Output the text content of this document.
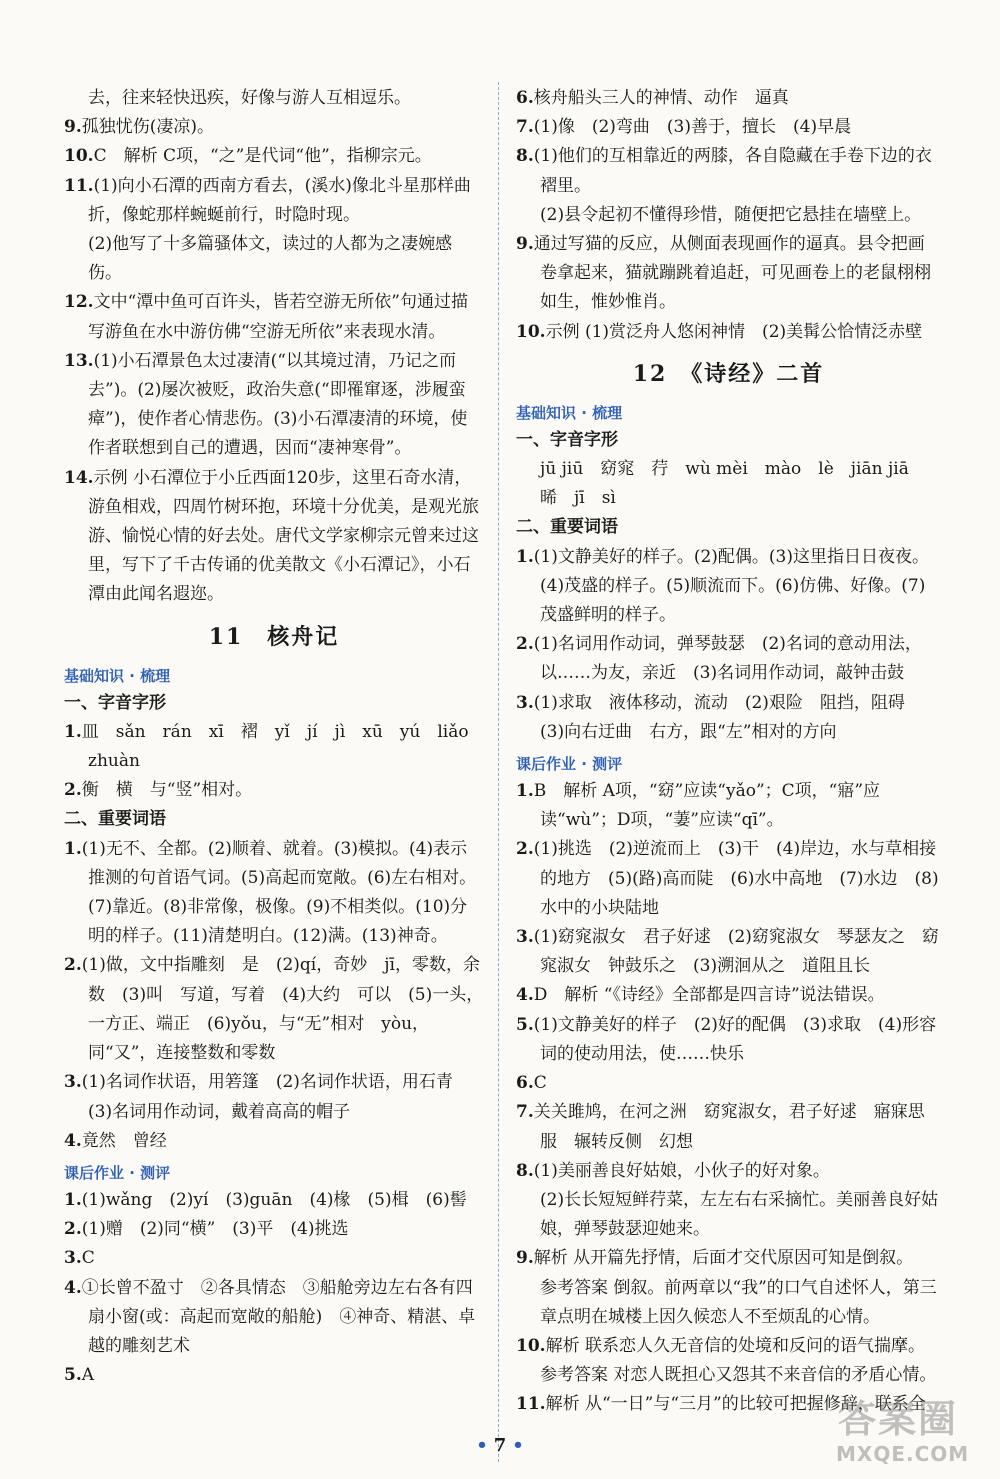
去，往来轻快迅疾，好像与游人互相逗乐。
9.孤独忧伤(凄凉)。
10.C　解析 C项，“之”是代词“他”，指柳宗元。
11.(1)向小石潭的西南方看去，(溪水)像北斗星那样曲折，像蛇那样蜿蜒前行，时隐时现。
(2)他写了十多篇骚体文，读过的人都为之凄婉感伤。
12.文中“潭中鱼可百许头，皆若空游无所依”句通过描写游鱼在水中游仿佛“空游无所依”来表现水清。
13.(1)小石潭景色太过凄清(“以其境过清，乃记之而去”)。(2)屡次被贬，政治失意(“即罹窜逐，涉履蛮瘴”)，使作者心情悲伤。(3)小石潭凄清的环境，使作者联想到自己的遭遇，因而“凄神寒骨”。
14.示例 小石潭位于小丘西面120步，这里石奇水清，游鱼相戏，四周竹树环抱，环境十分优美，是观光旅游、愉悦心情的好去处。唐代文学家柳宗元曾来过这里，写下了千古传诵的优美散文《小石潭记》，小石潭由此闻名遐迩。
11　核舟记
基础知识 · 梳理
一、字音字形
1.皿　sǎn　rán　xī　褶　yǐ　jí　jì　xū　yú　liǎo　zhuàn
2.衡　横　与“竖”相对。
二、重要词语
1.(1)无不、全都。(2)顺着、就着。(3)模拟。(4)表示推测的句首语气词。(5)高起而宽敞。(6)左右相对。(7)靠近。(8)非常像，极像。(9)不相类似。(10)分明的样子。(11)清楚明白。(12)满。(13)神奇。
2.(1)做，文中指雕刻　是　(2)qí，奇妙　jī，零数，余数　(3)叫　写道，写着　(4)大约　可以　(5)一头，一方正、端正　(6)yǒu，与“无”相对　yòu，同“又”，连接整数和零数
3.(1)名词作状语，用箬篷　(2)名词作状语，用石青　(3)名词用作动词，戴着高高的帽子
4.竟然　曾经
课后作业 · 测评
1.(1)wǎng　(2)yí　(3)guān　(4)椽　(5)楫　(6)髻
2.(1)赠　(2)同“横”　(3)平　(4)挑选
3.C
4.①长曾不盈寸　②各具情态　③船舱旁边左右各有四扇小窗(或：高起而宽敞的船舱)　④神奇、精湛、卓越的雕刻艺术
5.A
6.核舟船头三人的神情、动作　逼真
7.(1)像　(2)弯曲　(3)善于，擅长　(4)早晨
8.(1)他们的互相靠近的两膝，各自隐藏在手卷下边的衣褶里。
(2)县令起初不懂得珍惜，随便把它悬挂在墙壁上。
9.通过写猫的反应，从侧面表现画作的逼真。县令把画卷拿起来，猫就蹦跳着追赶，可见画卷上的老鼠栩栩如生，惟妙惟肖。
10.示例 (1)赏泛舟人悠闲神情　(2)美髯公恰情泛赤壁
12　《诗经》二首
基础知识 · 梳理
一、字音字形
jū jiū　窈窕　荇　wù mèi　mào　lè　jiān jiā　晞　jī　sì
二、重要词语
1.(1)文静美好的样子。(2)配偶。(3)这里指日日夜夜。(4)茂盛的样子。(5)顺流而下。(6)仿佛、好像。(7)茂盛鲜明的样子。
2.(1)名词用作动词，弹琴鼓瑟　(2)名词的意动用法，以……为友，亲近　(3)名词用作动词，敲钟击鼓
3.(1)求取　液体移动，流动　(2)艰险　阻挡，阻碍　(3)向右迂曲　右方，跟“左”相对的方向
课后作业 · 测评
1.B　解析 A项，“窈”应读“yǎo”；C项，“寤”应读“wù”；D项，“萋”应读“qī”。
2.(1)挑选　(2)逆流而上　(3)干　(4)岸边，水与草相接的地方　(5)(路)高而陡　(6)水中高地　(7)水边　(8)水中的小块陆地
3.(1)窈窕淑女　君子好逑　(2)窈窕淑女　琴瑟友之　窈窕淑女　钟鼓乐之　(3)溯洄从之　道阻且长
4.D　解析 “《诗经》全部都是四言诗”说法错误。
5.(1)文静美好的样子　(2)好的配偶　(3)求取　(4)形容词的使动用法，使……快乐
6.C
7.关关雎鸠，在河之洲　窈窕淑女，君子好逑　寤寐思服　辗转反侧　幻想
8.(1)美丽善良好姑娘，小伙子的好对象。
(2)长长短短鲜荇菜，左左右右采摘忙。美丽善良好姑娘，弹琴鼓瑟迎她来。
9.解析 从开篇先抒情，后面才交代原因可知是倒叙。
参考答案 倒叙。前两章以“我”的口气自述怀人，第三章点明在城楼上因久候恋人不至烦乱的心情。
10.解析 联系恋人久无音信的处境和反问的语气揣摩。
参考答案 对恋人既担心又怨其不来音信的矛盾心情。
11.解析 从“一日”与“三月”的比较可把握修辞，联系全
• 7 •
答案圈
MXQE.COM
